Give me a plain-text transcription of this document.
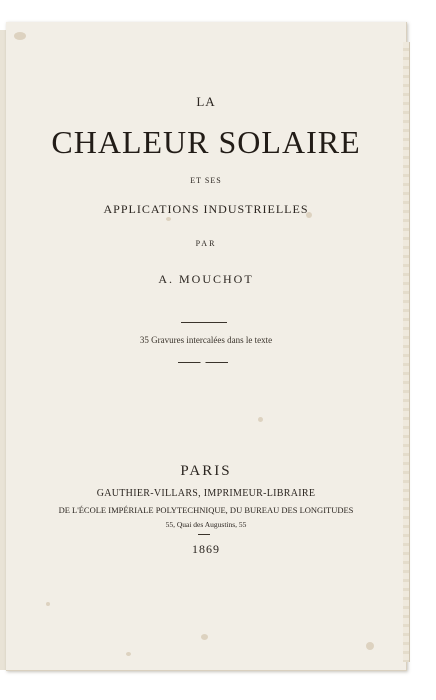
LA
CHALEUR SOLAIRE
ET SES
APPLICATIONS INDUSTRIELLES
PAR
A. MOUCHOT
35 Gravures intercalées dans le texte
PARIS
GAUTHIER-VILLARS, IMPRIMEUR-LIBRAIRE
DE L'ÉCOLE IMPÉRIALE POLYTECHNIQUE, DU BUREAU DES LONGITUDES
55, Quai des Augustins, 55
1869
